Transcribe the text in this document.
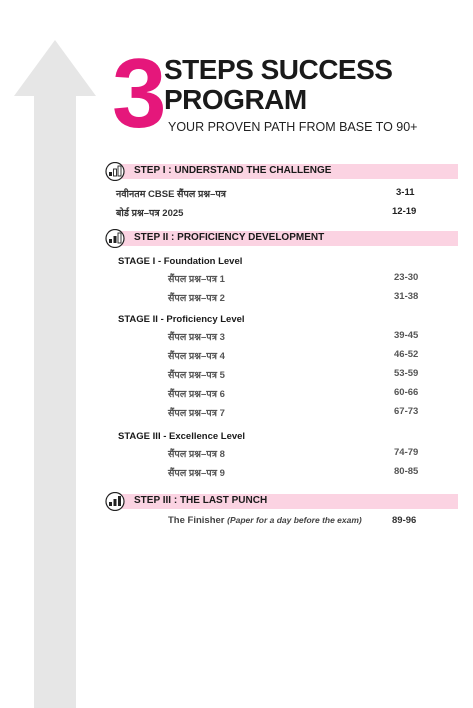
3 STEPS SUCCESS
PROGRAM
YOUR PROVEN PATH FROM BASE TO 90+
STEP I : UNDERSTAND THE CHALLENGE
नवीनतम CBSE सैंपल प्रश्न–पत्र	3-11
बोर्ड प्रश्न–पत्र 2025	12-19
STEP II : PROFICIENCY DEVELOPMENT
STAGE I - Foundation Level
सैंपल प्रश्न–पत्र 1	23-30
सैंपल प्रश्न–पत्र 2	31-38
STAGE II - Proficiency Level
सैंपल प्रश्न–पत्र 3	39-45
सैंपल प्रश्न–पत्र 4	46-52
सैंपल प्रश्न–पत्र 5	53-59
सैंपल प्रश्न–पत्र 6	60-66
सैंपल प्रश्न–पत्र 7	67-73
STAGE III - Excellence Level
सैंपल प्रश्न–पत्र 8	74-79
सैंपल प्रश्न–पत्र 9	80-85
STEP III : THE LAST PUNCH
The Finisher (Paper for a day before the exam)	89-96
